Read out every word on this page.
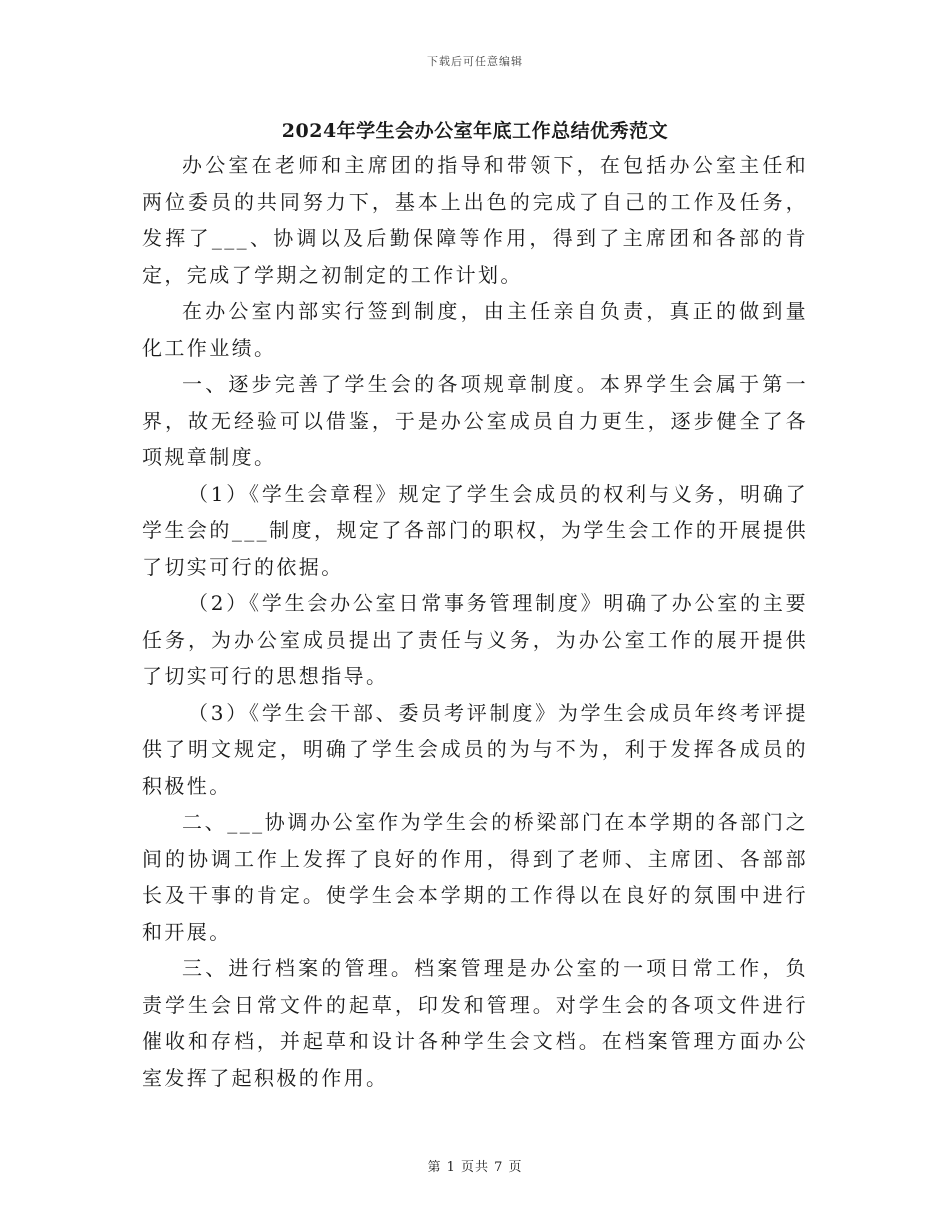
下载后可任意编辑
2024年学生会办公室年底工作总结优秀范文

办公室在老师和主席团的指导和带领下，在包括办公室主任和两位委员的共同努力下，基本上出色的完成了自己的工作及任务，发挥了___、协调以及后勤保障等作用，得到了主席团和各部的肯定，完成了学期之初制定的工作计划。

在办公室内部实行签到制度，由主任亲自负责，真正的做到量化工作业绩。

一、逐步完善了学生会的各项规章制度。本界学生会属于第一界，故无经验可以借鉴，于是办公室成员自力更生，逐步健全了各项规章制度。

（1）《学生会章程》规定了学生会成员的权利与义务，明确了学生会的___制度，规定了各部门的职权，为学生会工作的开展提供了切实可行的依据。

（2）《学生会办公室日常事务管理制度》明确了办公室的主要任务，为办公室成员提出了责任与义务，为办公室工作的展开提供了切实可行的思想指导。

（3）《学生会干部、委员考评制度》为学生会成员年终考评提供了明文规定，明确了学生会成员的为与不为，利于发挥各成员的积极性。

二、___协调办公室作为学生会的桥梁部门在本学期的各部门之间的协调工作上发挥了良好的作用，得到了老师、主席团、各部部长及干事的肯定。使学生会本学期的工作得以在良好的氛围中进行和开展。

三、进行档案的管理。档案管理是办公室的一项日常工作，负责学生会日常文件的起草，印发和管理。对学生会的各项文件进行催收和存档，并起草和设计各种学生会文档。在档案管理方面办公室发挥了起积极的作用。

第 1 页共 7 页
